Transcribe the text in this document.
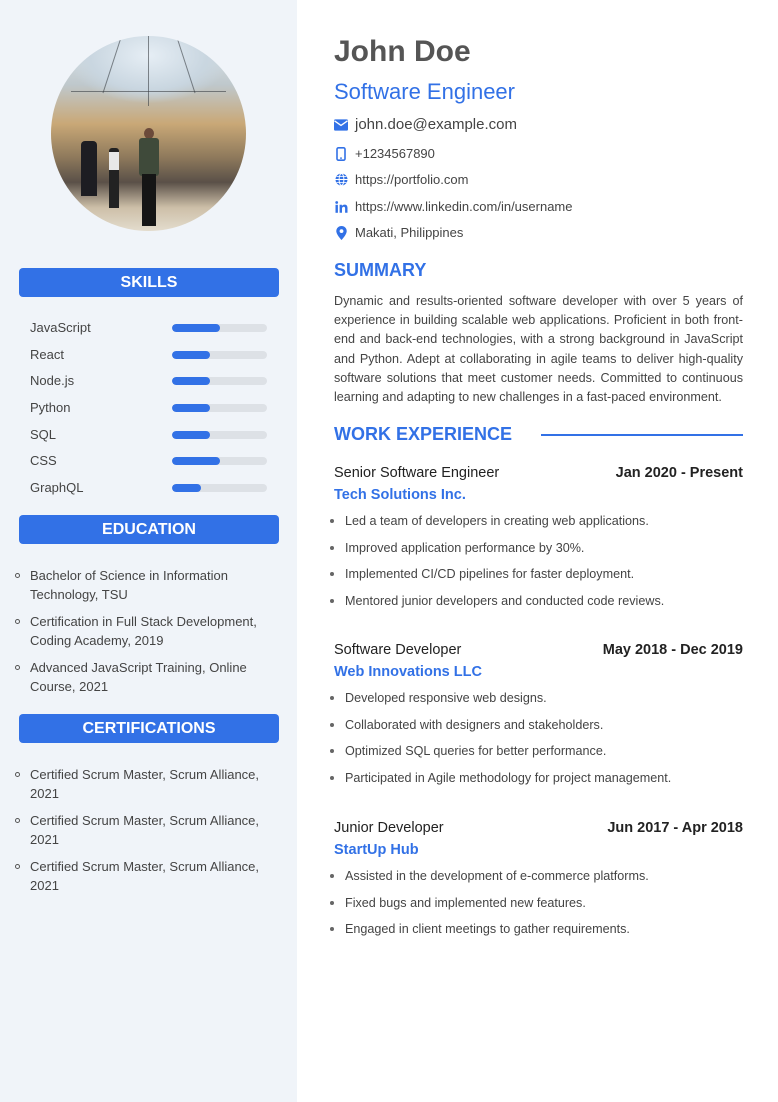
SKILLS
JavaScript
React
Node.js
Python
SQL
CSS
GraphQL
EDUCATION
Bachelor of Science in Information Technology, TSU
Certification in Full Stack Development, Coding Academy, 2019
Advanced JavaScript Training, Online Course, 2021
CERTIFICATIONS
Certified Scrum Master, Scrum Alliance, 2021
Certified Scrum Master, Scrum Alliance, 2021
Certified Scrum Master, Scrum Alliance, 2021
John Doe
Software Engineer
john.doe@example.com
+1234567890
https://portfolio.com
https://www.linkedin.com/in/username
Makati, Philippines
SUMMARY

Dynamic and results-oriented software developer with over 5 years of experience in building scalable web applications. Proficient in both front-end and back-end technologies, with a strong background in JavaScript and Python. Adept at collaborating in agile teams to deliver high-quality software solutions that meet customer needs. Committed to continuous learning and adapting to new challenges in a fast-paced environment.

WORK EXPERIENCE
Senior Software Engineer	Jan 2020 - Present
Tech Solutions Inc.
Led a team of developers in creating web applications.
Improved application performance by 30%.
Implemented CI/CD pipelines for faster deployment.
Mentored junior developers and conducted code reviews.
Software Developer	May 2018 - Dec 2019
Web Innovations LLC
Developed responsive web designs.
Collaborated with designers and stakeholders.
Optimized SQL queries for better performance.
Participated in Agile methodology for project management.
Junior Developer	Jun 2017 - Apr 2018
StartUp Hub
Assisted in the development of e-commerce platforms.
Fixed bugs and implemented new features.
Engaged in client meetings to gather requirements.
